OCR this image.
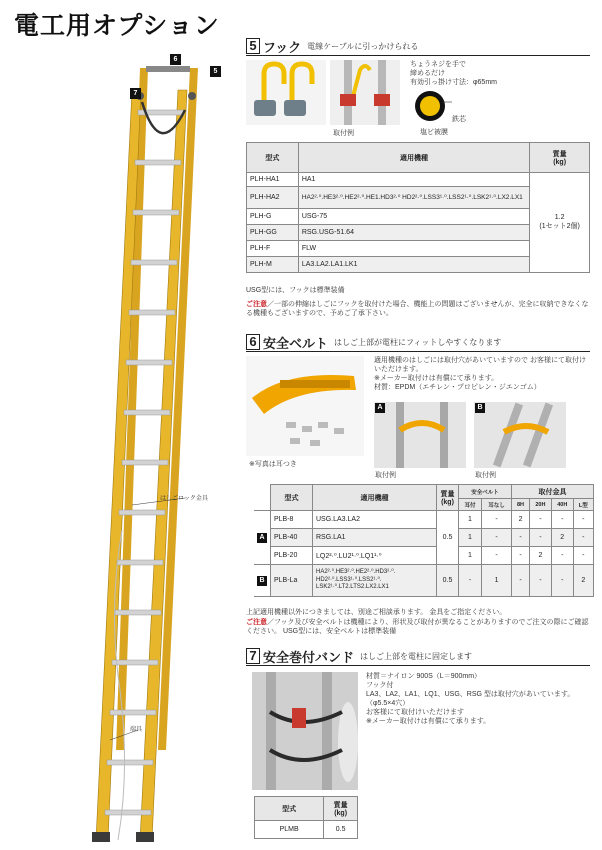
電工用オプション
6
5
7
はしごロック金具
端具
5 フック 電線ケーブルに引っかけられる
取付例
ちょうネジを手で
締めるだけ
有効引っ掛け寸法：φ65mm
鉄芯
塩ビ被膜
型式	適用機種	質量
(kg)
PLH-HA1	HA1	1.2
(1セット2個)

PLH-HA2	HA2²·⁰.HE3²·⁰.HE2²·⁰.HE1.HD3²·⁰ HD2²·⁰.LSS3¹·⁰.LSS2¹·⁰.LSK2¹·⁰.LX2.LX1	
PLH-G	USG-75	
PLH-GG	RSG.USG-51.64	
PLH-F	FLW	
PLH-M	LA3.LA2.LA1.LK1	
USG型には、フックは標準装備
ご注意／一部の伸縮はしごにフックを取付けた場合、機能上の問題はございませんが、完全に収納できなくなる機種もございますので、予めご了承下さい。
6 安全ベルト はしご上部が電柱にフィットしやすくなります
※写真は耳つき
適用機種のはしごには取付穴があいていますので お客様にて取付けいただけます。
※メーカー取付けは有償にて承ります。
材質：EPDM（エチレン・プロピレン・ジエンゴム）
A
取付例
B
取付例
	型式	適用機種	質量
(kg)	安全ベルト		取付金具			
				耳付	耳なし	8H	20H	40H	L型
A	PLB-8	USG.LA3.LA2	0.5	1	-	2	-	-	-
	PLB-40	RSG.LA1		1	-	-	-	2	-
	PLB-20	LQ2²·⁰.LU2¹·⁰.LQ1¹·⁰		1	-	-	2	-	-
B	PLB-La	HA2²·⁰.HE3²·⁰.HE2²·⁰.HD3²·⁰. HD2²·⁰.LSS3¹·⁰.LSS2¹·⁰. LSK2¹·⁰.LT2.LTS2.LX2.LX1	0.5	-	1	-	-	-	2
上記適用機種以外につきましては、別途ご相談承ります。 金具をご指定ください。
ご注意／フック及び安全ベルトは機種により、形状及び取付が異なることがありますのでご注文の際にご確認ください。 USG型には、安全ベルトは標準装備
7 安全巻付バンド はしご上部を電柱に固定します
材質＝ナイロン 900S（L＝900mm）
フック付
LA3、LA2、LA1、LQ1、USG、RSG 型は取付穴があいています。（φ5.5×4穴）
お客様にて取付けいただけます
※メーカー取付けは有償にて承ります。
型式	質量
(kg)
PLMB	0.5
